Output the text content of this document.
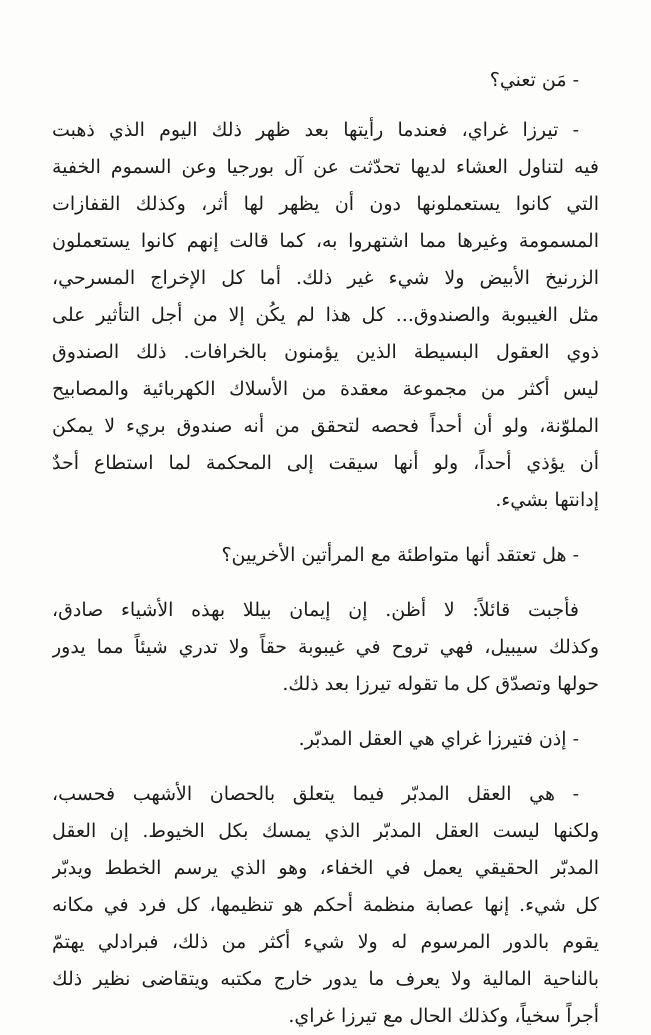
- مَن تعني؟
- تيرزا غراي، فعندما رأيتها بعد ظهر ذلك اليوم الذي ذهبت
فيه لتناول العشاء لديها تحدّثت عن آل بورجيا وعن السموم الخفية
التي كانوا يستعملونها دون أن يظهر لها أثر، وكذلك القفازات
المسمومة وغيرها مما اشتهروا به، كما قالت إنهم كانوا يستعملون
الزرنيخ الأبيض ولا شيء غير ذلك. أما كل الإخراج المسرحي،
مثل الغيبوبة والصندوق... كل هذا لم يكُن إلا من أجل التأثير على
ذوي العقول البسيطة الذين يؤمنون بالخرافات. ذلك الصندوق
ليس أكثر من مجموعة معقدة من الأسلاك الكهربائية والمصابيح
الملوّنة، ولو أن أحداً فحصه لتحقق من أنه صندوق بريء لا يمكن
أن يؤذي أحداً، ولو أنها سيقت إلى المحكمة لما استطاع أحدٌ
إدانتها بشيء.
- هل تعتقد أنها متواطئة مع المرأتين الأخريين؟
فأجبت قائلاً: لا أظن. إن إيمان بيللا بهذه الأشياء صادق،
وكذلك سيبيل، فهي تروح في غيبوبة حقاً ولا تدري شيئاً مما يدور
حولها وتصدّق كل ما تقوله تيرزا بعد ذلك.
- إذن فتيرزا غراي هي العقل المدبّر.
- هي العقل المدبّر فيما يتعلق بالحصان الأشهب فحسب،
ولكنها ليست العقل المدبّر الذي يمسك بكل الخيوط. إن العقل
المدبّر الحقيقي يعمل في الخفاء، وهو الذي يرسم الخطط ويدبّر
كل شيء. إنها عصابة منظمة أحكم هو تنظيمها، كل فرد في مكانه
يقوم بالدور المرسوم له ولا شيء أكثر من ذلك، فبرادلي يهتمّ
بالناحية المالية ولا يعرف ما يدور خارج مكتبه ويتقاضى نظير ذلك
أجراً سخياً، وكذلك الحال مع تيرزا غراي.
